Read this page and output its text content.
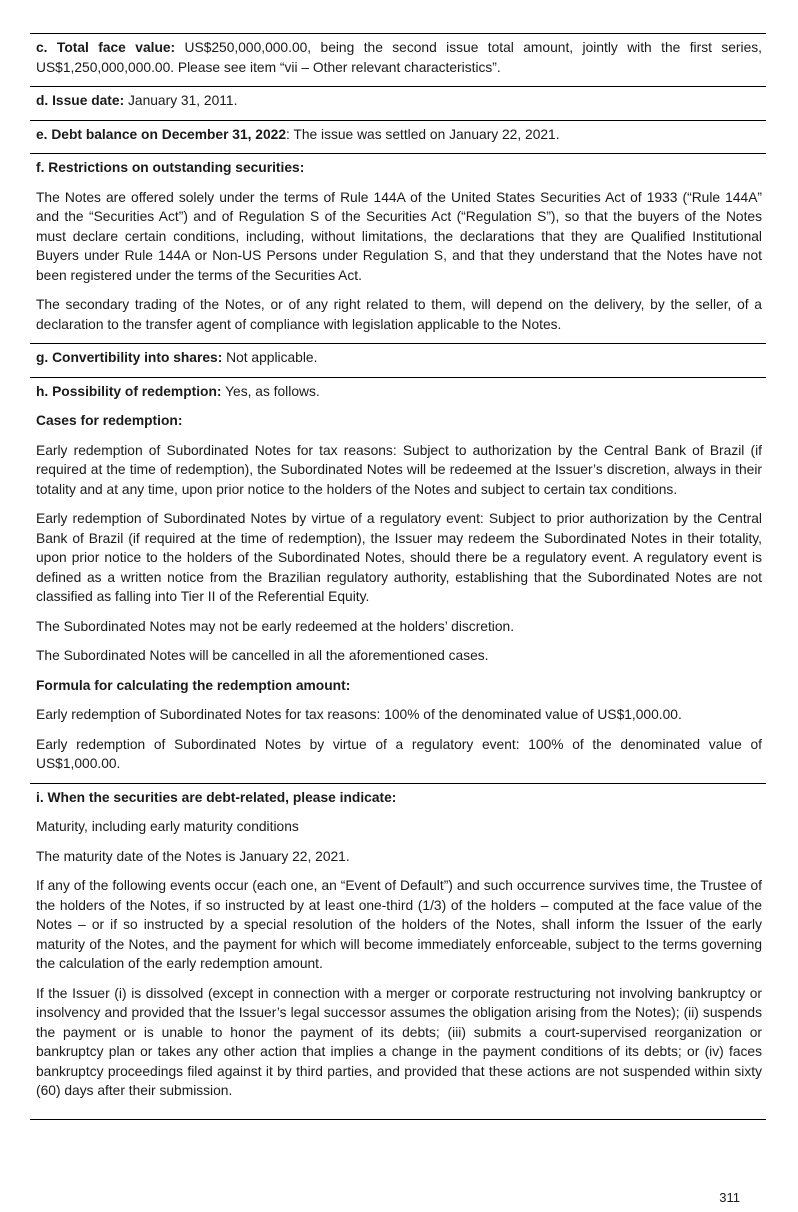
c. Total face value: US$250,000,000.00, being the second issue total amount, jointly with the first series, US$1,250,000,000.00. Please see item “vii – Other relevant characteristics”.

d. Issue date: January 31, 2011.

e. Debt balance on December 31, 2022: The issue was settled on January 22, 2021.

f. Restrictions on outstanding securities:

The Notes are offered solely under the terms of Rule 144A of the United States Securities Act of 1933 (“Rule 144A” and the “Securities Act”) and of Regulation S of the Securities Act (“Regulation S”), so that the buyers of the Notes must declare certain conditions, including, without limitations, the declarations that they are Qualified Institutional Buyers under Rule 144A or Non-US Persons under Regulation S, and that they understand that the Notes have not been registered under the terms of the Securities Act.

The secondary trading of the Notes, or of any right related to them, will depend on the delivery, by the seller, of a declaration to the transfer agent of compliance with legislation applicable to the Notes.

g. Convertibility into shares: Not applicable.

h. Possibility of redemption: Yes, as follows.

Cases for redemption:

Early redemption of Subordinated Notes for tax reasons: Subject to authorization by the Central Bank of Brazil (if required at the time of redemption), the Subordinated Notes will be redeemed at the Issuer’s discretion, always in their totality and at any time, upon prior notice to the holders of the Notes and subject to certain tax conditions.

Early redemption of Subordinated Notes by virtue of a regulatory event: Subject to prior authorization by the Central Bank of Brazil (if required at the time of redemption), the Issuer may redeem the Subordinated Notes in their totality, upon prior notice to the holders of the Subordinated Notes, should there be a regulatory event. A regulatory event is defined as a written notice from the Brazilian regulatory authority, establishing that the Subordinated Notes are not classified as falling into Tier II of the Referential Equity.

The Subordinated Notes may not be early redeemed at the holders’ discretion.

The Subordinated Notes will be cancelled in all the aforementioned cases.

Formula for calculating the redemption amount:

Early redemption of Subordinated Notes for tax reasons: 100% of the denominated value of US$1,000.00.

Early redemption of Subordinated Notes by virtue of a regulatory event: 100% of the denominated value of US$1,000.00.

i. When the securities are debt-related, please indicate:

Maturity, including early maturity conditions

The maturity date of the Notes is January 22, 2021.

If any of the following events occur (each one, an “Event of Default”) and such occurrence survives time, the Trustee of the holders of the Notes, if so instructed by at least one-third (1/3) of the holders – computed at the face value of the Notes – or if so instructed by a special resolution of the holders of the Notes, shall inform the Issuer of the early maturity of the Notes, and the payment for which will become immediately enforceable, subject to the terms governing the calculation of the early redemption amount.

If the Issuer (i) is dissolved (except in connection with a merger or corporate restructuring not involving bankruptcy or insolvency and provided that the Issuer’s legal successor assumes the obligation arising from the Notes); (ii) suspends the payment or is unable to honor the payment of its debts; (iii) submits a court-supervised reorganization or bankruptcy plan or takes any other action that implies a change in the payment conditions of its debts; or (iv) faces bankruptcy proceedings filed against it by third parties, and provided that these actions are not suspended within sixty (60) days after their submission.

311
